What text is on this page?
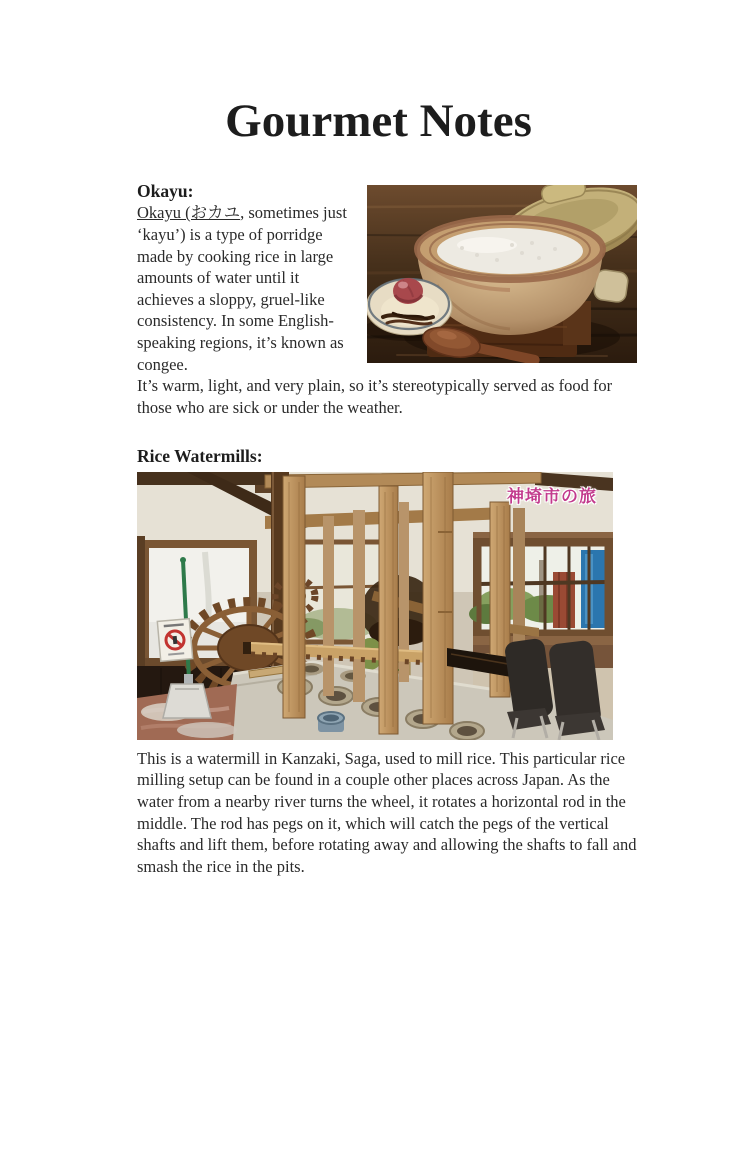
Gourmet Notes
Okayu:

Okayu (おカユ, sometimes just ‘kayu’) is a type of porridge made by cooking rice in large amounts of water until it achieves a sloppy, gruel-like consistency. In some English-speaking regions, it’s known as congee.

It’s warm, light, and very plain, so it’s stereotypically served as food for those who are sick or under the weather.

Rice Watermills:
神埼市の旅

This is a watermill in Kanzaki, Saga, used to mill rice. This particular rice milling setup can be found in a couple other places across Japan. As the water from a nearby river turns the wheel, it rotates a horizontal rod in the middle. The rod has pegs on it, which will catch the pegs of the vertical shafts and lift them, before rotating away and allowing the shafts to fall and smash the rice in the pits.
